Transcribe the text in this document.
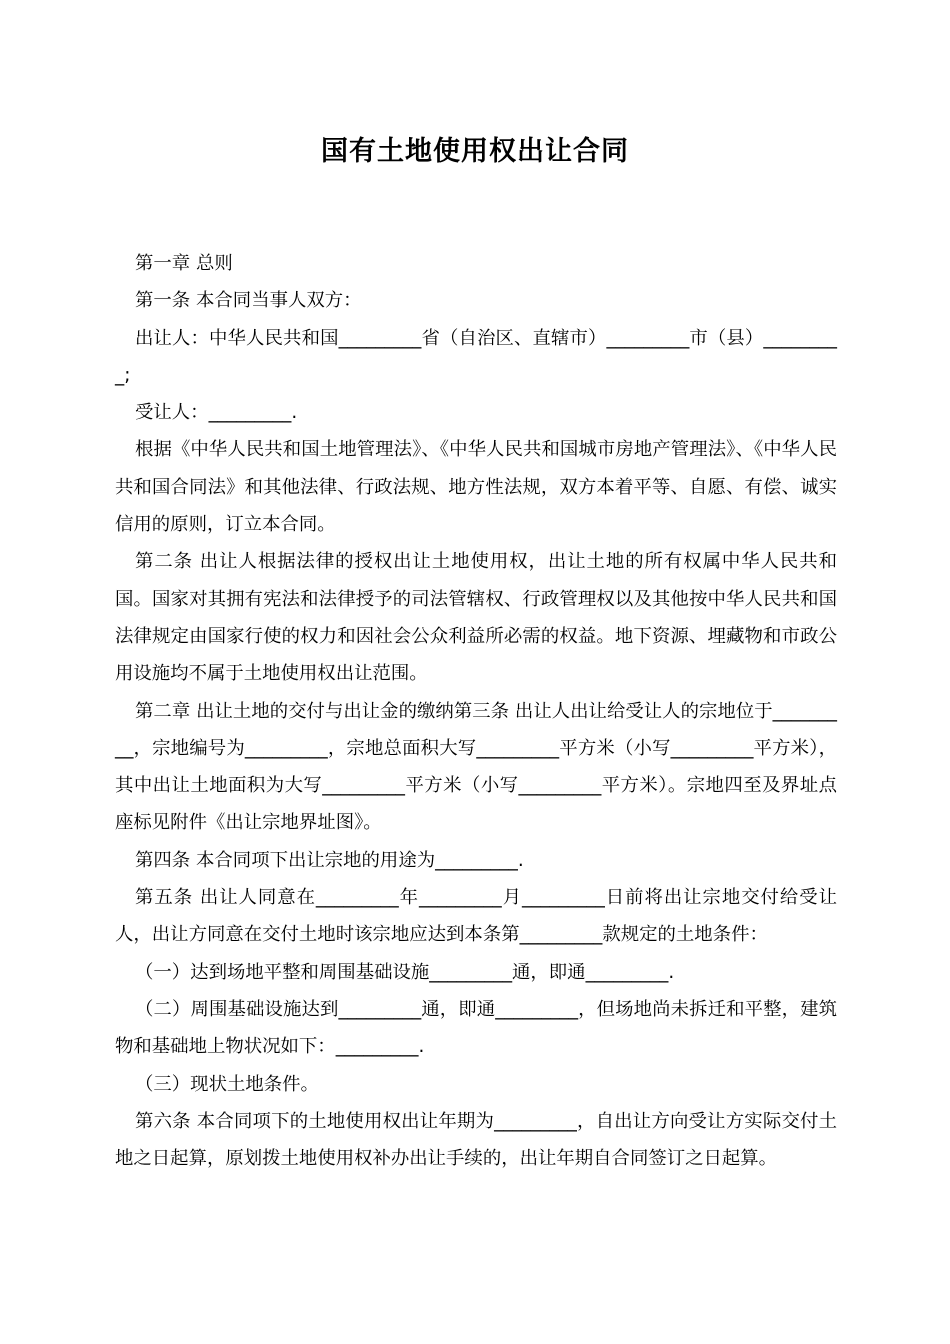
国有土地使用权出让合同

第一章 总则

第一条 本合同当事人双方：

出让人：中华人民共和国_________省（自治区、直辖市）_________市（县）_________;

受让人：_________.

根据《中华人民共和国土地管理法》、《中华人民共和国城市房地产管理法》、《中华人民共和国合同法》和其他法律、行政法规、地方性法规，双方本着平等、自愿、有偿、诚实信用的原则，订立本合同。

第二条 出让人根据法律的授权出让土地使用权，出让土地的所有权属中华人民共和国。国家对其拥有宪法和法律授予的司法管辖权、行政管理权以及其他按中华人民共和国法律规定由国家行使的权力和因社会公众利益所必需的权益。地下资源、埋藏物和市政公用设施均不属于土地使用权出让范围。

第二章 出让土地的交付与出让金的缴纳第三条 出让人出让给受让人的宗地位于_________，宗地编号为_________，宗地总面积大写_________平方米（小写_________平方米），其中出让土地面积为大写_________平方米（小写_________平方米）。宗地四至及界址点座标见附件《出让宗地界址图》。

第四条 本合同项下出让宗地的用途为_________.

第五条 出让人同意在_________年_________月_________日前将出让宗地交付给受让人，出让方同意在交付土地时该宗地应达到本条第_________款规定的土地条件：

（一）达到场地平整和周围基础设施_________通，即通_________.

（二）周围基础设施达到_________通，即通_________，但场地尚未拆迁和平整，建筑物和基础地上物状况如下：_________.

（三）现状土地条件。

第六条 本合同项下的土地使用权出让年期为_________，自出让方向受让方实际交付土地之日起算，原划拨土地使用权补办出让手续的，出让年期自合同签订之日起算。
